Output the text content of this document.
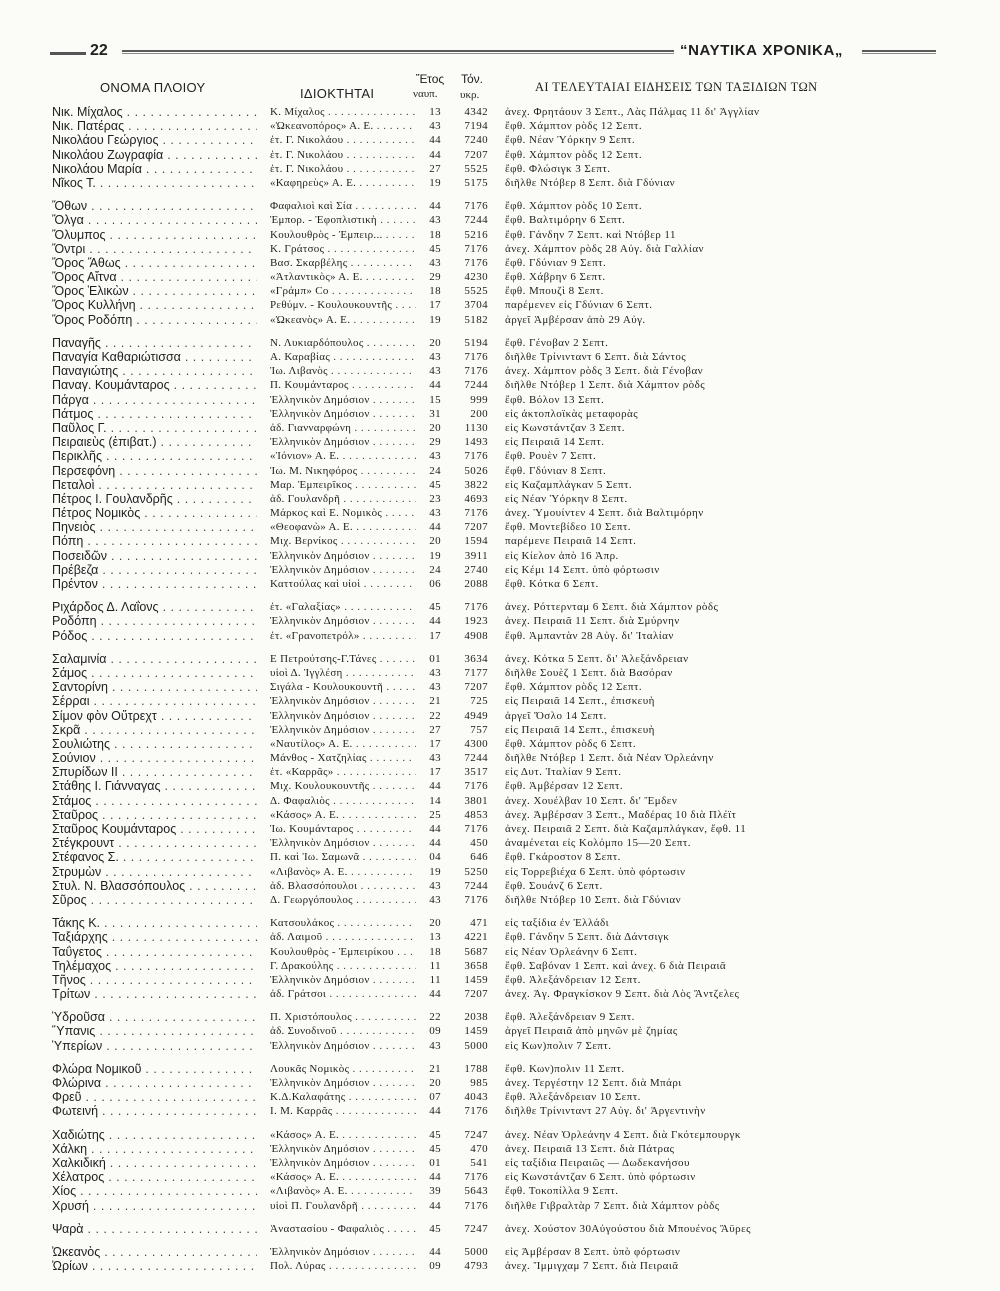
22	“ΝΑΥΤΙΚΑ ΧΡΟΝΙΚΑ„
ΟΝΟΜΑ ΠΛΟΙΟΥ	ΙΔΙΟΚΤΗΤΑΙ
Ἔτος
ναυπ.
Τόν.
υκρ.
ΑΙ ΤΕΛΕΥΤΑΙΑΙ ΕΙΔΗΣΕΙΣ ΤΩΝ ΤΑΞΙΔΙΩΝ ΤΩΝ
Νικ. Μίχαλος . . .	Κ. Μίχαλος . . .	13	4342 ἀνεχ. Φρητάουν 3 Σεπτ., Λὰς Πάλμας 11 δι' Ἀγγλίαν
Νικ. Πατέρας . . .	«Ὠκεανοπόρος» Α. Ε. . . .	43	7194 ἔφθ. Χάμπτον ρὸδς 12 Σεπτ.
Νικολάου Γεώργιος . . .	ἑτ. Γ. Νικολάου . . .	44	7240 ἔφθ. Νέαν Ὑόρκην 9 Σεπτ.
Νικολάου Ζωγραφία . . .	ἑτ. Γ. Νικολάου . . .	44	7207 ἔφθ. Χάμπτον ρὸδς 12 Σεπτ.
Νικολάου Μαρία . . .	ἑτ. Γ. Νικολάου . . .	27	5525 ἔφθ. Φλώσιγκ 3 Σεπτ.
Νῖκος Τ. . . .	«Καφηρεὺς» Α. Ε. . . .	19	5175 διῆλθε Ντόβερ 8 Σεπτ. διὰ Γδύνιαν
Ὄθων . . .	Φαφαλιοὶ καὶ Σία . . .	44	7176 ἔφθ. Χάμπτον ρὸδς 10 Σεπτ.
Ὄλγα . . .	Ἐμπορ. - Ἐφοπλιστικὴ . . .	43	7244 ἔφθ. Βαλτιμόρην 6 Σεπτ.
Ὄλυμπος . . .	Κουλουθρὸς - Ἐμπειρ... . . .	18	5216 ἔφθ. Γάνδην 7 Σεπτ. καὶ Ντόβερ 11
Ὄντρι . . .	Κ. Γράτσος . . .	45	7176 ἀνεχ. Χάμπτον ρὸδς 28 Αὐγ. διὰ Γαλλίαν
Ὄρος Ἄθως . . .	Βασ. Σκαρβέλης . . .	43	7176 ἔφθ. Γδύνιαν 9 Σεπτ.
Ὄρος Αἴτνα . . .	«Ἀτλαντικὸς» Α. Ε. . . .	29	4230 ἔφθ. Χάβρην 6 Σεπτ.
Ὄρος Ἑλικὼν . . .	«Γράμπ» Co . . .	18	5525 ἔφθ. Μπουζὶ 8 Σεπτ.
Ὄρος Κυλλήνη . . .	Ρεθύμν. - Κουλουκουντῆς . . .	17	3704 παρέμενεν εἰς Γδύνιαν 6 Σεπτ.
Ὄρος Ροδόπη . . .	«Ὠκεανὸς» Α. Ε. . . .	19	5182 ἀργεῖ Ἀμβέρσαν ἀπὸ 29 Αὐγ.
Παναγῆς . . .	Ν. Λυκιαρδόπουλος . . .	20	5194 ἔφθ. Γένοβαν 2 Σεπτ.
Παναγία Καθαριώτισσα . . .	Α. Καραβίας . . .	43	7176 διῆλθε Τρίνινταντ 6 Σεπτ. διὰ Σάντος
Παναγιώτης . . .	Ἰω. Λιβανὸς . . .	43	7176 ἀνεχ. Χάμπτον ρὸδς 3 Σεπτ. διὰ Γένοβαν
Παναγ. Κουμάνταρος . . .	Π. Κουμάνταρος . . .	44	7244 διῆλθε Ντόβερ 1 Σεπτ. διὰ Χάμπτον ρὸδς
Πάργα . . .	Ἑλληνικὸν Δημόσιον . . .	15	999 ἔφθ. Βόλον 13 Σεπτ.
Πάτμος . . .	Ἑλληνικὸν Δημόσιον . . .	31	200 εἰς ἀκτοπλοϊκὰς μεταφορὰς
Παῦλος Γ. . . .	ἀδ. Γιανναρφώνη . . .	20	1130 εἰς Κωνστάντζαν 3 Σεπτ.
Πειραιεὺς (ἐπιβατ.) . . .	Ἑλληνικὸν Δημόσιον . . .	29	1493 εἰς Πειραιᾶ 14 Σεπτ.
Περικλῆς . . .	«Ἰόνιον» Α. Ε. . . .	43	7176 ἔφθ. Ρουὲν 7 Σεπτ.
Περσεφόνη . . .	Ἰω. Μ. Νικηφόρος . . .	24	5026 ἔφθ. Γδύνιαν 8 Σεπτ.
Πεταλοὶ . . .	Μαρ. Ἐμπειρῖκος . . .	45	3822 εἰς Καζαμπλάγκαν 5 Σεπτ.
Πέτρος Ι. Γουλανδρῆς . . .	ἀδ. Γουλανδρῆ . . .	23	4693 εἰς Νέαν Ὑόρκην 8 Σεπτ.
Πέτρος Νομικὸς . . .	Μάρκος καὶ Ε. Νομικὸς . . .	43	7176 ἀνεχ. Ὑμουίντεν 4 Σεπτ. διὰ Βαλτιμόρην
Πηνειὸς . . .	«Θεοφανὼ» Α. Ε. . . .	44	7207 ἔφθ. Μοντεβίδεο 10 Σεπτ.
Πόπη . . .	Μιχ. Βερνίκος . . .	20	1594 παρέμενε Πειραιᾶ 14 Σεπτ.
Ποσειδῶν . . .	Ἑλληνικὸν Δημόσιον . . .	19	3911 εἰς Κίελον ἀπὸ 16 Ἀπρ.
Πρέβεζα . . .	Ἑλληνικὸν Δημόσιον . . .	24	2740 εἰς Κέμι 14 Σεπτ. ὑπὸ φόρτωσιν
Πρέντον . . .	Καττούλας καὶ υἱοὶ . . .	06	2088 ἔφθ. Κότκα 6 Σεπτ.
Ριχάρδος Δ. Λαΐονς . . .	ἑτ. «Γαλαξίας» . . .	45	7176 ἀνεχ. Ρόττερνταμ 6 Σεπτ. διὰ Χάμπτον ρὸδς
Ροδόπη . . .	Ἑλληνικὸν Δημόσιον . . .	44	1923 ἀνεχ. Πειραιᾶ 11 Σεπτ. διὰ Σμύρνην
Ρόδος . . .	ἑτ. «Γρανοπετρόλ» . . .	17	4908 ἔφθ. Ἀμπαντὰν 28 Αὐγ. δι' Ἰταλίαν
Σαλαμινία . . .	Ε Πετρούτσης-Γ.Τάνες . . .	01	3634 ἀνεχ. Κότκα 5 Σεπτ. δι' Ἀλεξάνδρειαν
Σάμος . . .	υἱοὶ Δ. Ἰγγλέση . . .	43	7177 διῆλθε Σουὲζ 1 Σεπτ. διὰ Βασόραν
Σαντορίνη . . .	Σιγάλα - Κουλουκουντῆ . . .	43	7207 ἔφθ. Χάμπτον ρὸδς 12 Σεπτ.
Σέρραι . . .	Ἑλληνικὸν Δημόσιον . . .	21	725 εἰς Πειραιᾶ 14 Σεπτ., ἐπισκευὴ
Σίμον φὸν Οὔτρεχτ . . .	Ἑλληνικὸν Δημόσιον . . .	22	4949 ἀργεῖ Ὄσλο 14 Σεπτ.
Σκρᾶ . . .	Ἑλληνικὸν Δημόσιον . . .	27	757 εἰς Πειραιᾶ 14 Σεπτ., ἐπισκευὴ
Σουλιώτης . . .	«Ναυτίλος» Α. Ε. . . .	17	4300 ἔφθ. Χάμπτον ρὸδς 6 Σεπτ.
Σούνιον . . .	Μάνθος - Χατζηλίας . . .	43	7244 διῆλθε Ντόβερ 1 Σεπτ. διὰ Νέαν Ὀρλεάνην
Σπυρίδων ΙΙ . . .	ἑτ. «Καρρᾶς» . . .	17	3517 εἰς Δυτ. Ἰταλίαν 9 Σεπτ.
Στάθης Ι. Γιάνναγας . . .	Μιχ. Κουλουκουντῆς . . .	44	7176 ἔφθ. Ἀμβέρσαν 12 Σεπτ.
Στάμος . . .	Δ. Φαφαλιὸς . . .	14	3801 ἀνεχ. Χουέλβαν 10 Σεπτ. δι' Ἔμδεν
Σταῦρος . . .	«Κάσος» Α. Ε. . . .	25	4853 ἀνεχ. Ἀμβέρσαν 3 Σεπτ., Μαδέρας 10 διὰ Πλέϊτ
Σταῦρος Κουμάνταρος . . .	Ἰω. Κουμάνταρος . . .	44	7176 ἀνεχ. Πειραιᾶ 2 Σεπτ. διὰ Καζαμπλάγκαν, ἔφθ. 11
Στέγκρουντ . . .	Ἑλληνικὸν Δημόσιον . . .	44	450 ἀναμένεται εἰς Κολόμπο 15—20 Σεπτ.
Στέφανος Σ. . . .	Π. καὶ Ἰω. Σαμωνᾶ . . .	04	646 ἔφθ. Γκάροστον 8 Σεπτ.
Στρυμὼν . . .	«Λιβανὸς» Α. Ε. . . .	19	5250 εἰς Τορρεβιέχα 6 Σεπτ. ὑπὸ φόρτωσιν
Στυλ. Ν. Βλασσόπουλος . . .	ἀδ. Βλασσόπουλοι . . .	43	7244 ἔφθ. Σουάνζ 6 Σεπτ.
Σῦρος . . .	Δ. Γεωργόπουλος . . .	43	7176 διῆλθε Ντόβερ 10 Σεπτ. διὰ Γδύνιαν
Τάκης Κ. . . .	Κατσουλάκος . . .	20	471 εἰς ταξίδια ἐν Ἑλλάδι
Ταξιάρχης . . .	ἀδ. Λαιμοῦ . . .	13	4221 ἔφθ. Γάνδην 5 Σεπτ. διὰ Δάντσιγκ
Ταΰγετος . . .	Κουλουθρὸς - Ἐμπειρίκου . . .	18	5687 εἰς Νέαν Ὀρλεάνην 6 Σεπτ.
Τηλέμαχος . . .	Γ. Δρακούλης . . .	11	3658 ἔφθ. Σαβόναν 1 Σεπτ. καὶ ἀνεχ. 6 διὰ Πειραιᾶ
Τῆνος . . .	Ἑλληνικὸν Δημόσιον . . .	11	1459 ἔφθ. Ἀλεξάνδρειαν 12 Σεπτ.
Τρίτων . . .	ἀδ. Γράτσοι . . .	44	7207 ἀνεχ. Ἀγ. Φραγκίσκον 9 Σεπτ. διὰ Λὸς Ἄντζελες
Ὑδροῦσα . . .	Π. Χριστόπουλος . . .	22	2038 ἔφθ. Ἀλεξάνδρειαν 9 Σεπτ.
Ὕπανις . . .	ἀδ. Συνοδινοῦ . . .	09	1459 ἀργεῖ Πειραιᾶ ἀπὸ μηνῶν μὲ ζημίας
Ὑπερίων . . .	Ἑλληνικὸν Δημόσιον . . .	43	5000 εἰς Κων)πολιν 7 Σεπτ.
Φλώρα Νομικοῦ . . .	Λουκᾶς Νομικὸς . . .	21	1788 ἔφθ. Κων)πολιν 11 Σεπτ.
Φλώρινα . . .	Ἑλληνικὸν Δημόσιον . . .	20	985 ἀνεχ. Τεργέστην 12 Σεπτ. διὰ Μπάρι
Φρεῦ . . .	Κ.Δ.Καλαφάτης . . .	07	4043 ἔφθ. Ἀλεξάνδρειαν 10 Σεπτ.
Φωτεινή . . .	Ι. Μ. Καρρᾶς . . .	44	7176 διῆλθε Τρίνινταντ 27 Αὐγ. δι' Ἀργεντινὴν
Χαδιώτης . . .	«Κάσος» Α. Ε. . . .	45	7247 ἀνεχ. Νέαν Ὀρλεάνην 4 Σεπτ. διὰ Γκότεμπουργκ
Χάλκη . . .	Ἑλληνικὸν Δημόσιον . . .	45	470 ἀνεχ. Πειραιᾶ 13 Σεπτ. διὰ Πάτρας
Χαλκιδική . . .	Ἑλληνικὸν Δημόσιον . . .	01	541 εἰς ταξίδια Πειραιῶς — Δωδεκανήσου
Χέλατρος . . .	«Κάσος» Α. Ε. . . .	44	7176 εἰς Κωνστάντζαν 6 Σεπτ. ὑπὸ φόρτωσιν
Χίος . . .	«Λιβανὸς» Α. Ε. . . .	39	5643 ἔφθ. Τοκοπίλλα 9 Σεπτ.
Χρυσή . . .	υἱοὶ Π. Γουλανδρῆ . . .	44	7176 διῆλθε Γιβραλτὰρ 7 Σεπτ. διὰ Χάμπτον ρὸδς
Ψαρὰ . . .	Ἀναστασίου - Φαφαλιὸς . . .	45	7247 ἀνεχ. Χούστον 30Αὐγούστου διὰ Μπουένος Ἄϋρες
Ὠκεανὸς . . .	Ἑλληνικὸν Δημόσιον . . .	44	5000 εἰς Ἀμβέρσαν 8 Σεπτ. ὑπὸ φόρτωσιν
Ὠρίων . . .	Πολ. Λύρας . . .	09	4793 ἀνεχ. Ἴμμιγχαμ 7 Σεπτ. διὰ Πειραιᾶ
